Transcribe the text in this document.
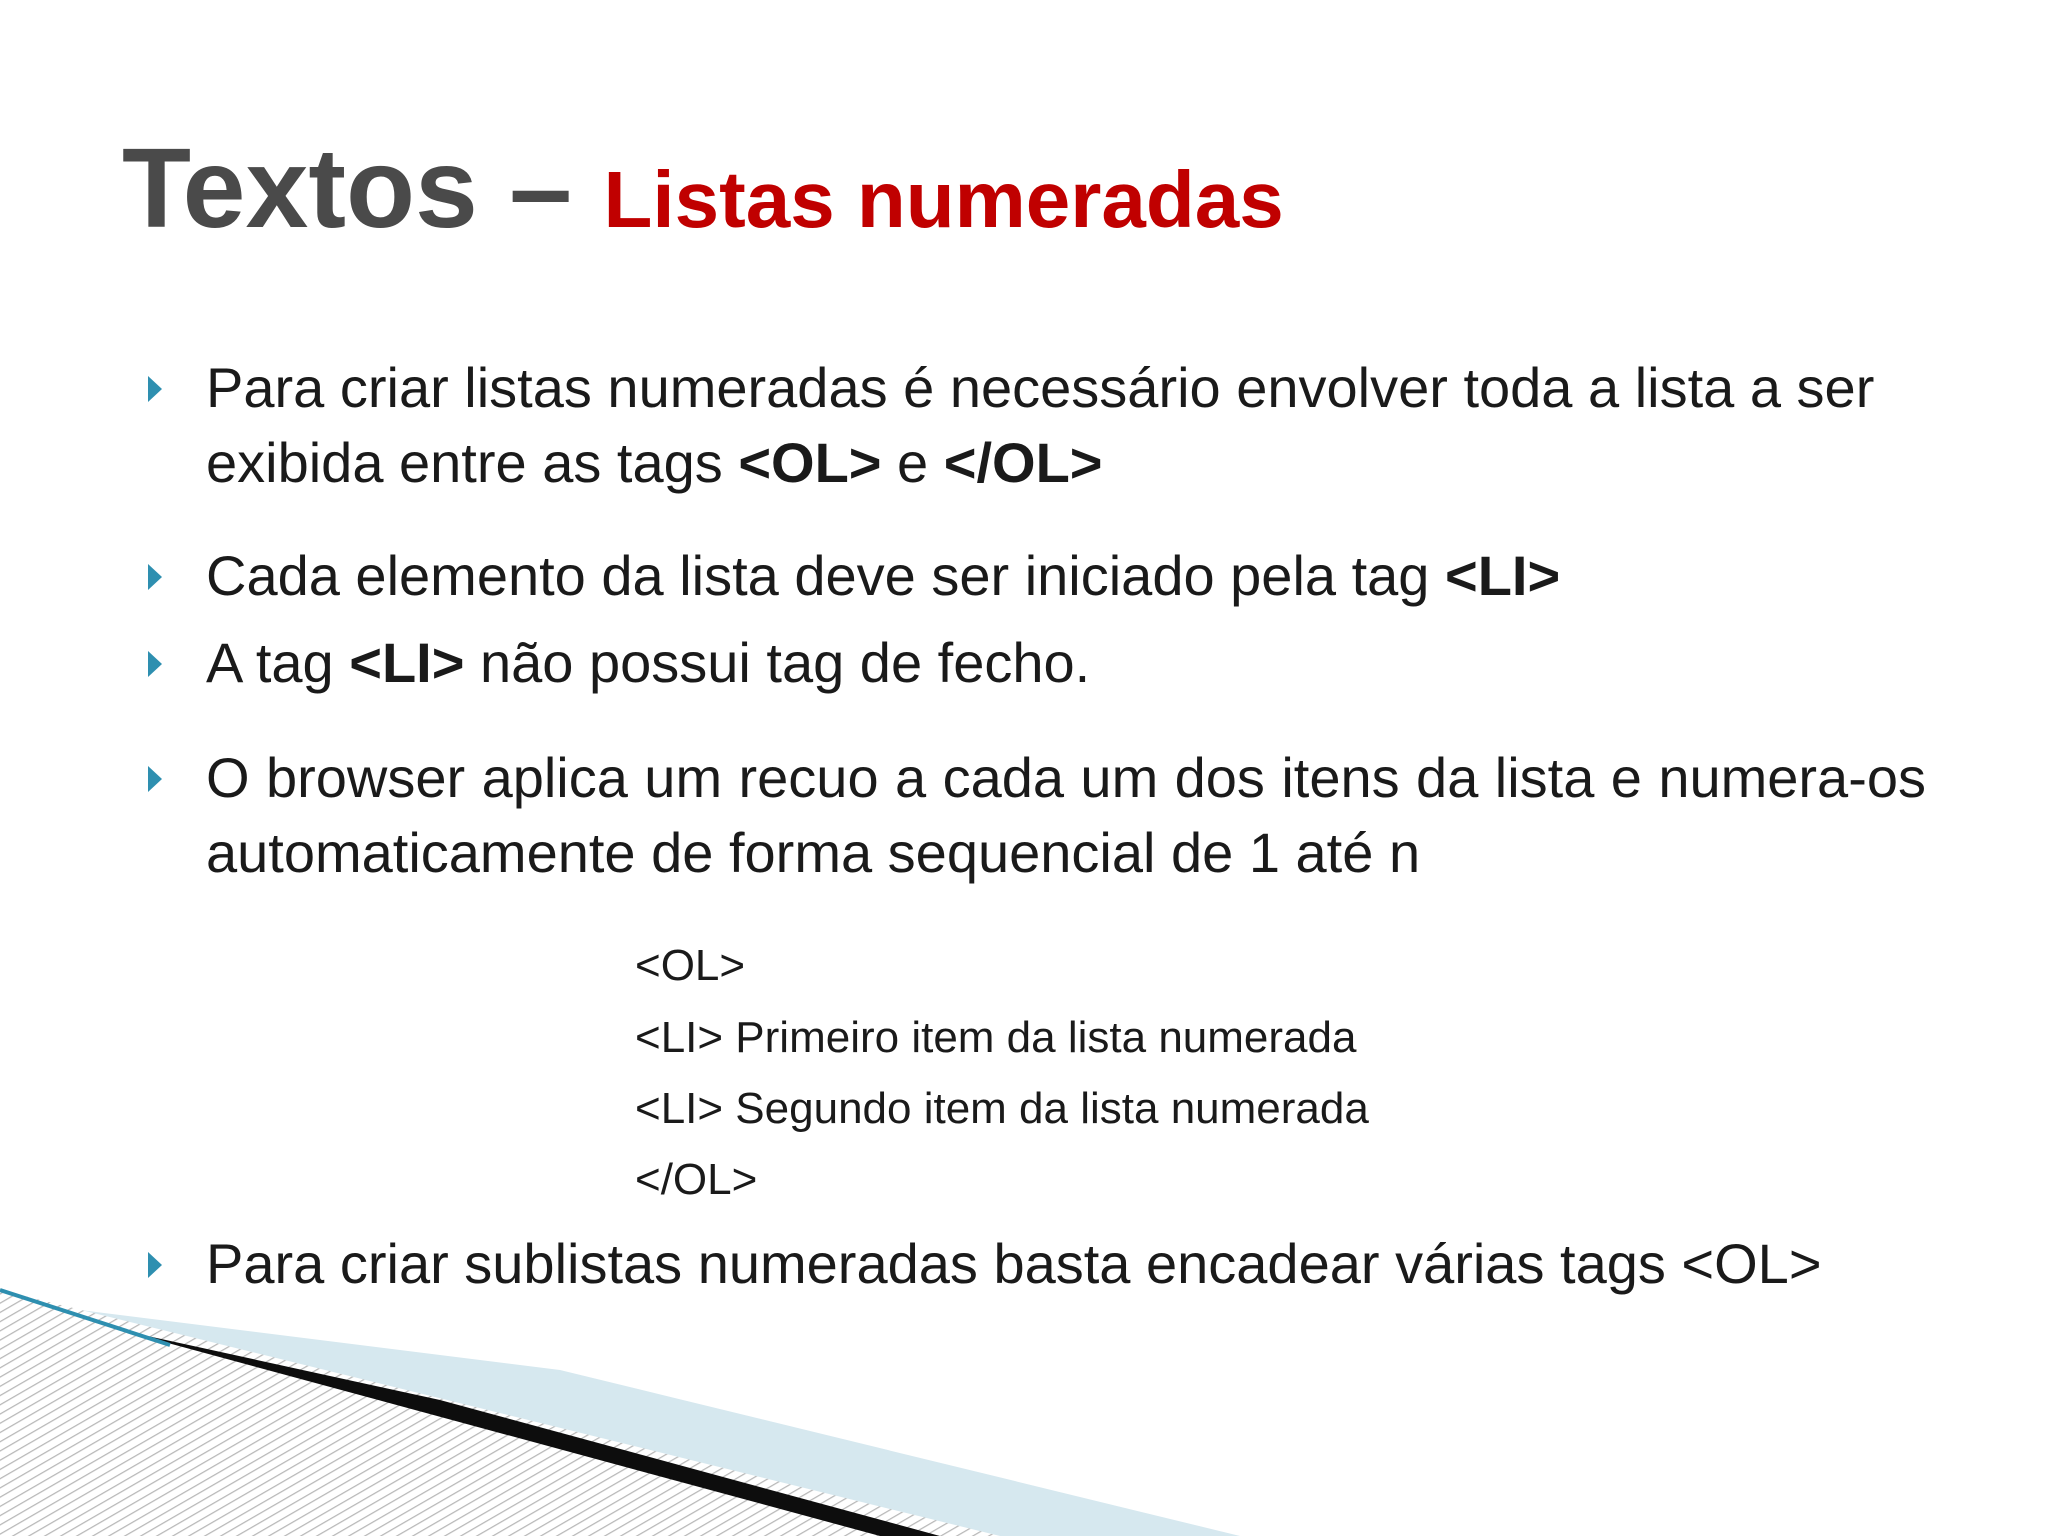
Textos – Listas numeradas
Para criar listas numeradas é necessário envolver toda a lista a ser exibida entre as tags <OL> e </OL>
Cada elemento da lista deve ser iniciado pela tag <LI>
A tag <LI> não possui tag de fecho.
O browser aplica um recuo a cada um dos itens da lista e numera-os automaticamente de forma sequencial de 1 até n
<OL>
<LI> Primeiro item da lista numerada
<LI> Segundo item da lista numerada
</OL>
Para criar sublistas numeradas basta encadear várias tags <OL>
